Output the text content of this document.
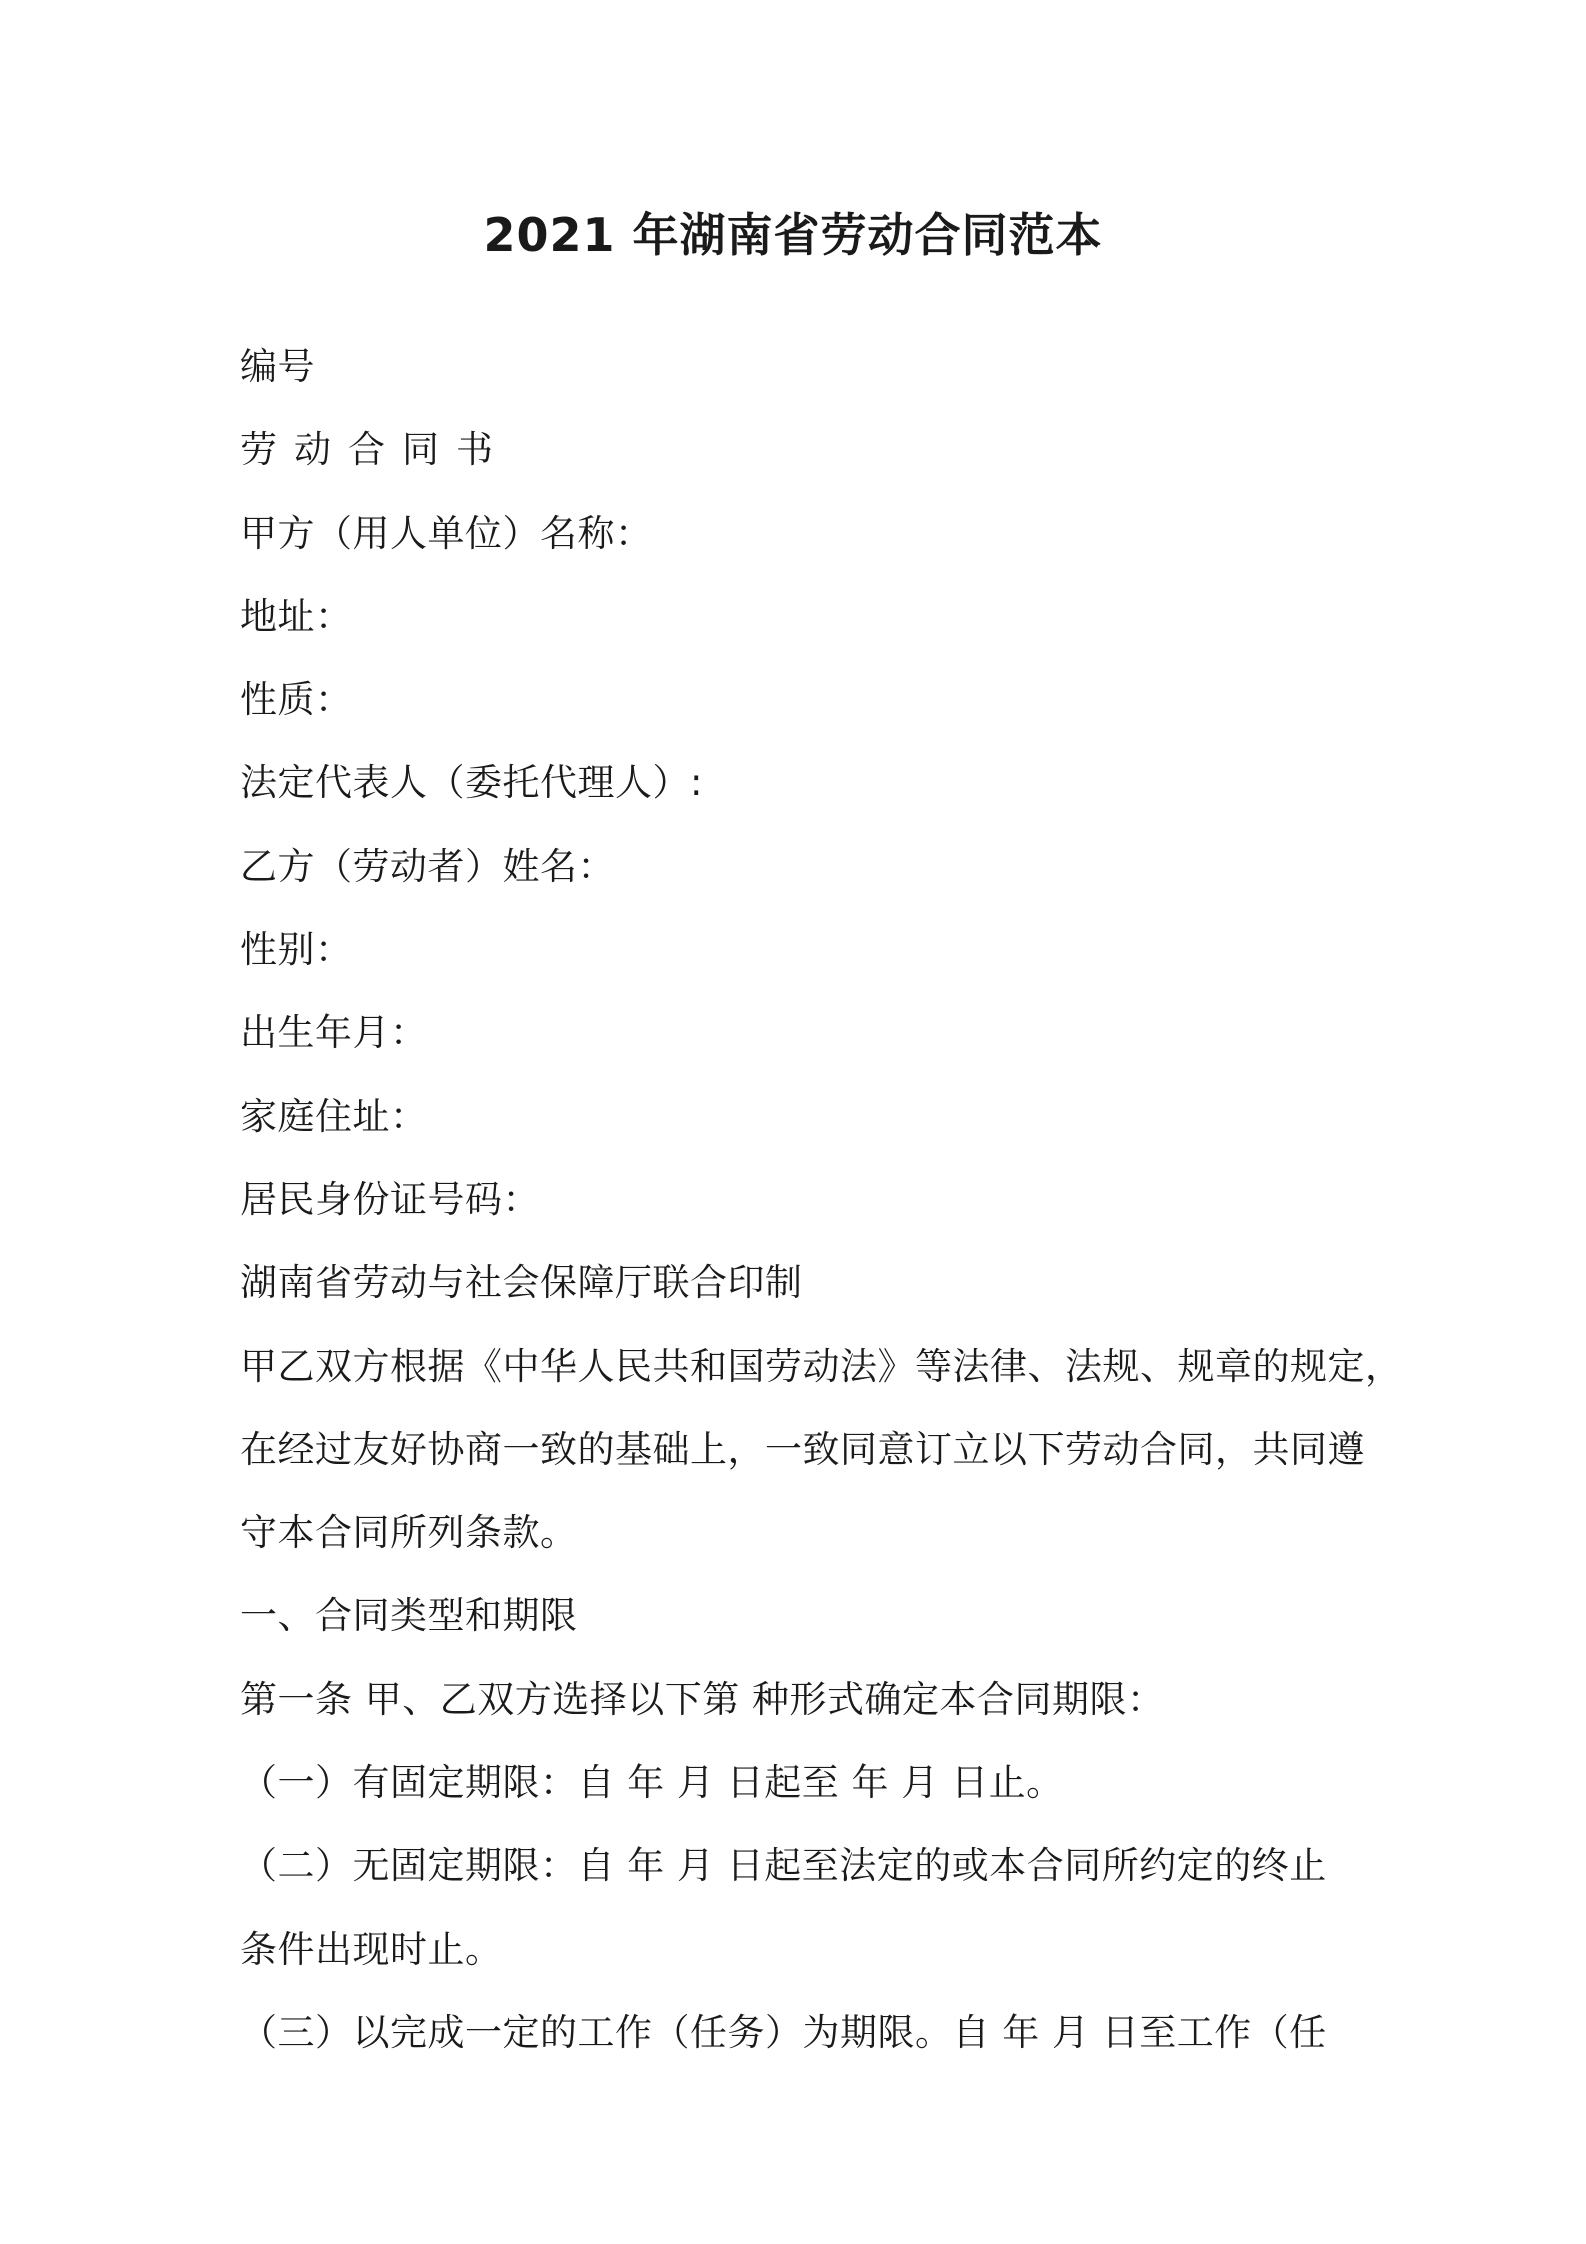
2021 年湖南省劳动合同范本
编号
劳动合同书
甲方（用人单位）名称：
地址：
性质：
法定代表人（委托代理人）:
乙方（劳动者）姓名：
性别：
出生年月：
家庭住址：
居民身份证号码：
湖南省劳动与社会保障厅联合印制
甲乙双方根据《中华人民共和国劳动法》等法律、法规、规章的规定，
在经过友好协商一致的基础上，一致同意订立以下劳动合同，共同遵
守本合同所列条款。
一、合同类型和期限
第一条 甲、乙双方选择以下第 种形式确定本合同期限：
（一）有固定期限：自 年 月 日起至 年 月 日止。
（二）无固定期限：自 年 月 日起至法定的或本合同所约定的终止
条件出现时止。
（三）以完成一定的工作（任务）为期限。自 年 月 日至工作（任
